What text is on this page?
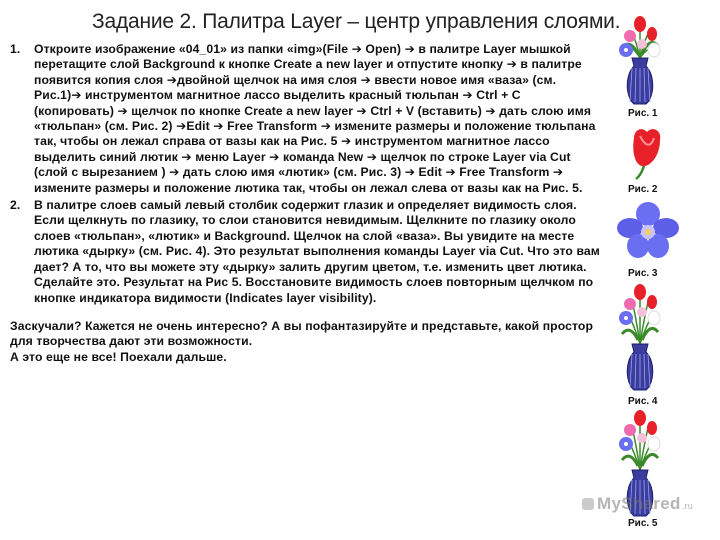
Задание 2. Палитра Layer – центр управления слоями.
1. Откроите изображение «04_01» из папки «img»(File ➔ Open) ➔ в палитре Layer мышкой перетащите слой Background к кнопке Create a new layer и отпустите кнопку ➔ в палитре появится копия слоя ➔двойной щелчок на имя слоя ➔ ввести новое имя «ваза» (см. Рис.1)➔ инструментом магнитное лассо выделить красный тюльпан ➔ Ctrl + C (копировать) ➔ щелчок по кнопке Create a new layer ➔ Ctrl + V (вставить) ➔ дать слою имя «тюльпан» (см. Рис. 2) ➔Edit ➔ Free Transform ➔ измените размеры и положение тюльпана так, чтобы он лежал справа от вазы как на Рис. 5 ➔ инструментом магнитное лассо выделить синий лютик ➔ меню Layer ➔ команда New ➔ щелчок по строке Layer via Cut (слой с вырезанием ) ➔ дать слою имя «лютик» (см. Рис. 3) ➔ Edit ➔ Free Transform ➔ измените размеры и положение лютика так, чтобы он лежал слева от вазы как на Рис. 5.
2. В палитре слоев самый левый столбик содержит глазик и определяет видимость слоя. Если щелкнуть по глазику, то слои становится невидимым. Щелкните по глазику около слоев «тюльпан», «лютик» и Background. Щелчок на слой «ваза». Вы увидите на месте лютика «дырку» (см. Рис. 4). Это результат выполнения команды Layer via Cut. Что это вам дает? А то, что вы можете эту «дырку» залить другим цветом, т.е. изменить цвет лютика. Сделайте это. Результат на Рис 5. Восстановите видимость слоев повторным щелчком по кнопке индикатора видимости (Indicates layer visibility).

Заскучали? Кажется не очень интересно? А вы пофантазируйте и представьте, какой простор для творчества дают эти возможности.

А это еще не все! Поехали дальше.

Рис. 1
Рис. 2
Рис. 3
Рис. 4
Рис. 5
MyShared.ru
